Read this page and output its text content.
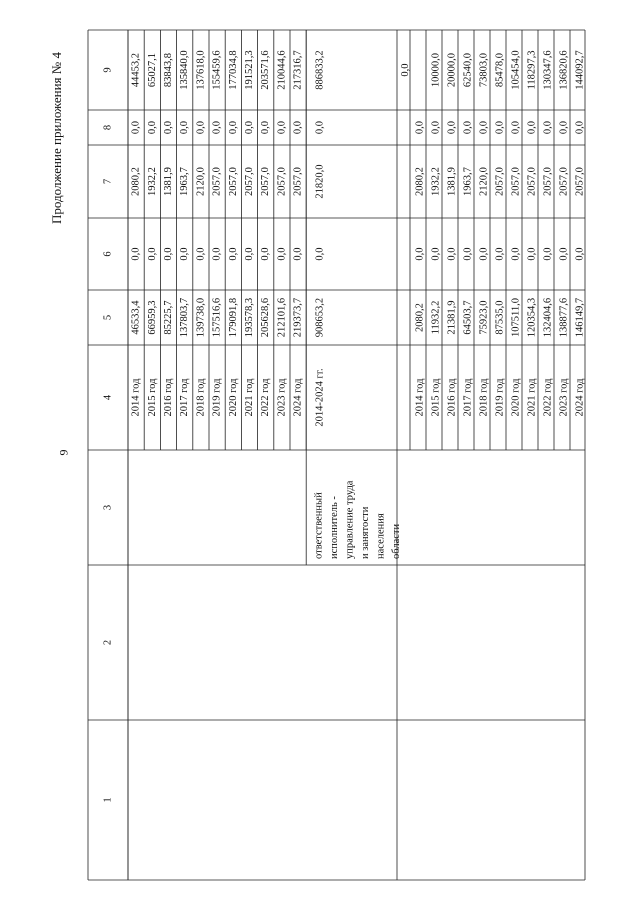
9
Продолжение приложения № 4
1
2
3
4
5
6
7
8
9
2014 год
46533,4
0,0
2080,2
0,0
44453,2
2015 год
66959,3
0,0
1932,2
0,0
65027,1
2016 год
85225,7
0,0
1381,9
0,0
83843,8
2017 год
137803,7
0,0
1963,7
0,0
135840,0
2018 год
139738,0
0,0
2120,0
0,0
137618,0
2019 год
157516,6
0,0
2057,0
0,0
155459,6
2020 год
179091,8
0,0
2057,0
0,0
177034,8
2021 год
193578,3
0,0
2057,0
0,0
191521,3
2022 год
205628,6
0,0
2057,0
0,0
203571,6
2023 год
212101,6
0,0
2057,0
0,0
210044,6
2024 год
219373,7
0,0
2057,0
0,0
217316,7
2014-2024 гг.
908653,2
0,0
21820,0
0,0
886833,2	0,0
2014 год
2080,2
0,0
2080,2
0,0
2015 год
11932,2
0,0
1932,2
0,0
10000,0
2016 год
21381,9
0,0
1381,9
0,0
20000,0
2017 год
64503,7
0,0
1963,7
0,0
62540,0
2018 год
75923,0
0,0
2120,0
0,0
73803,0
2019 год
87535,0
0,0
2057,0
0,0
85478,0
2020 год
107511,0
0,0
2057,0
0,0
105454,0
2021 год
120354,3
0,0
2057,0
0,0
118297,3
2022 год
132404,6
0,0
2057,0
0,0
130347,6
2023 год
138877,6
0,0
2057,0
0,0
136820,6
2024 год
146149,7
0,0
2057,0
0,0
144092,7
ответственный исполнитель - управление труда и занятости населения области
